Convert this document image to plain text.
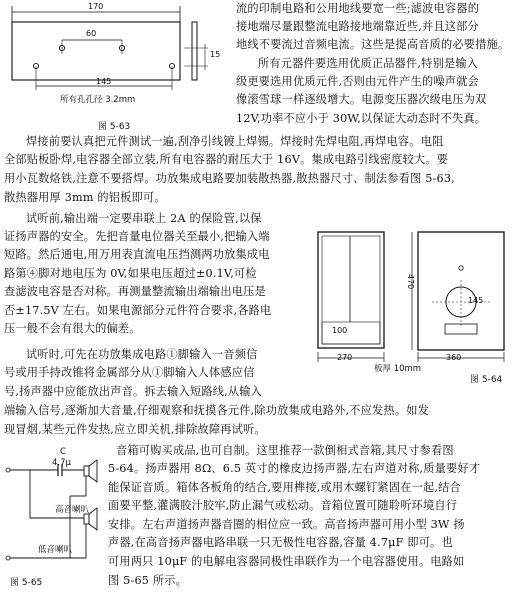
170
60
145
15
所有孔孔径 3.2mm
图 5-63
流的印制电路和公用地线要宽一些;滤波电容器的
接地端尽量跟整流电路接地端靠近些,并且这部分
地线不要流过音频电流。这些是提高音质的必要措施。
所有元器件要选用优质正品器件,特别是输入
级更要选用优质元件,否则由元件产生的噪声就会
像滚雪球一样逐级增大。电源变压器次级电压为双
12V,功率不应小于 30W,以保证大动态时不失真。
焊接前要认真把元件测试一遍,刮净引线镀上焊锡。焊接时先焊电阻,再焊电容。电阻
全部贴板卧焊,电容器全部立装,所有电容器的耐压大于 16V。集成电路引线密度较大。要
用小瓦数烙铁,注意不要搭焊。功放集成电路要加装散热器,散热器尺寸、制法参看图 5-63,
散热器用厚 3mm 的铝板即可。
试听前,输出端一定要串联上 2A 的保险管,以保
证扬声器的安全。先把音量电位器关至最小,把输入端
短路。然后通电,用万用表直流电压挡测两功放集成电
路第④脚对地电压为 0V,如果电压超过±0.1V,可检
查滤波电容是否对称。再测量整流输出端输出电压是
否±17.5V 左右。如果电源部分元件符合要求,各路电
压一般不会有很大的偏差。
470
100
270
145
360
板厚 10mm
图 5-64
试听时,可先在功放集成电路①脚输入一音频信
号或用手持改锥将金属部分从①脚输入人体感应信
号,扬声器中应能放出声音。拆去输入短路线,从输入
端输入信号,逐渐加大音量,仔细观察和抚摸各元件,除功放集成电路外,不应发热。如发
现冒烟,某些元件发热,应立即关机,排除故障再试听。
C
4.7μ
高音喇叭
低音喇叭
图 5-65
音箱可购买成品,也可自制。这里推荐一款倒相式音箱,其尺寸参看图
5-64。扬声器用 8Ω、6.5 英寸的橡皮边扬声器,左右声道对称,质量要好才
能保证音质。箱体各板角的结合,要用榫接,或用木螺钉紧固在一起,结合
面要平整,灌满胶汁胶牢,防止漏气或松动。音箱位置可随聆听环境自行
安排。左右声道扬声器音圈的相位应一致。高音扬声器可用小型 3W 扬
声器,在高音扬声器电路串联一只无极性电容器,容量 4.7μF 即可。也
可用两只 10μF 的电解电容器同极性串联作为一个电容器使用。电路如
图 5-65 所示。
